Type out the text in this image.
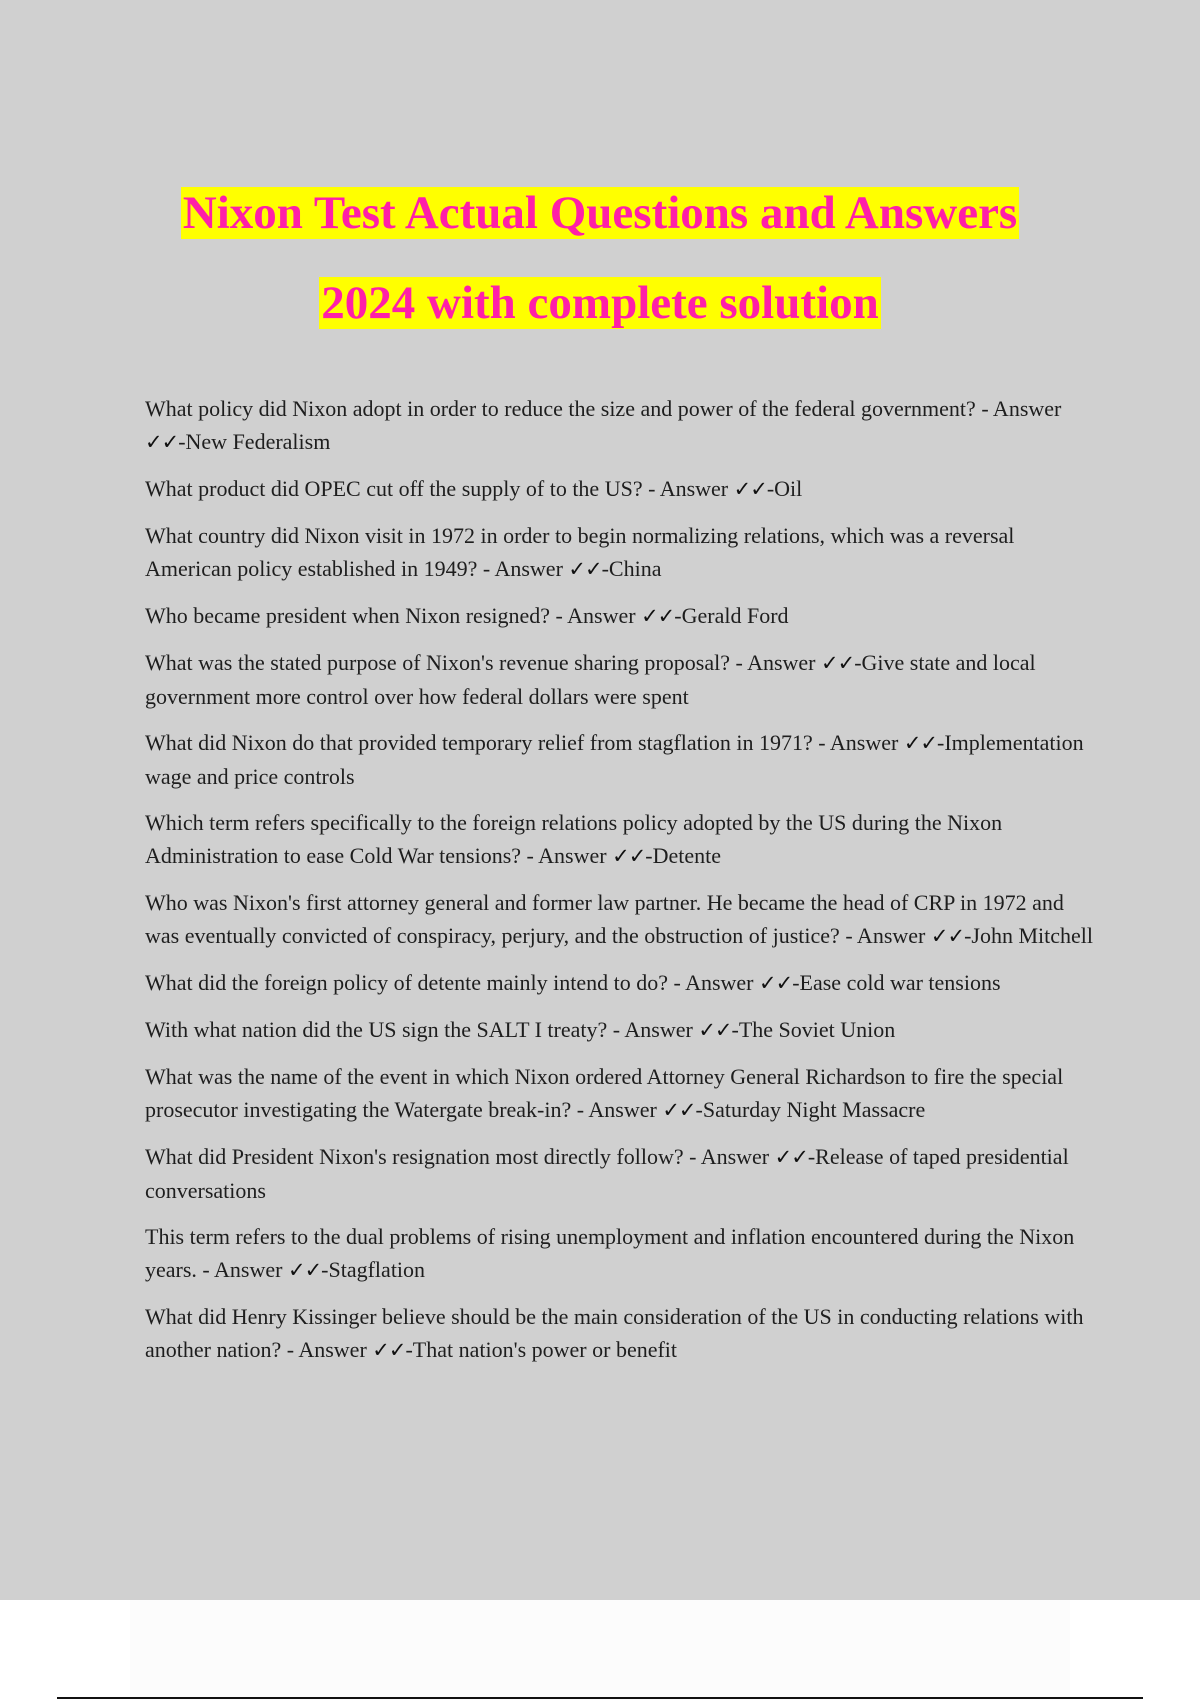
Nixon Test Actual Questions and Answers
2024 with complete solution
What policy did Nixon adopt in order to reduce the size and power of the federal government? - Answer ✓✓-New Federalism
What product did OPEC cut off the supply of to the US? - Answer ✓✓-Oil
What country did Nixon visit in 1972 in order to begin normalizing relations, which was a reversal American policy established in 1949? - Answer ✓✓-China
Who became president when Nixon resigned? - Answer ✓✓-Gerald Ford
What was the stated purpose of Nixon's revenue sharing proposal? - Answer ✓✓-Give state and local government more control over how federal dollars were spent
What did Nixon do that provided temporary relief from stagflation in 1971? - Answer ✓✓-Implementation wage and price controls
Which term refers specifically to the foreign relations policy adopted by the US during the Nixon Administration to ease Cold War tensions? - Answer ✓✓-Detente
Who was Nixon's first attorney general and former law partner. He became the head of CRP in 1972 and was eventually convicted of conspiracy, perjury, and the obstruction of justice? - Answer ✓✓-John Mitchell
What did the foreign policy of detente mainly intend to do? - Answer ✓✓-Ease cold war tensions
With what nation did the US sign the SALT I treaty? - Answer ✓✓-The Soviet Union
What was the name of the event in which Nixon ordered Attorney General Richardson to fire the special prosecutor investigating the Watergate break-in? - Answer ✓✓-Saturday Night Massacre
What did President Nixon's resignation most directly follow? - Answer ✓✓-Release of taped presidential conversations
This term refers to the dual problems of rising unemployment and inflation encountered during the Nixon years. - Answer ✓✓-Stagflation
What did Henry Kissinger believe should be the main consideration of the US in conducting relations with another nation? - Answer ✓✓-That nation's power or benefit
